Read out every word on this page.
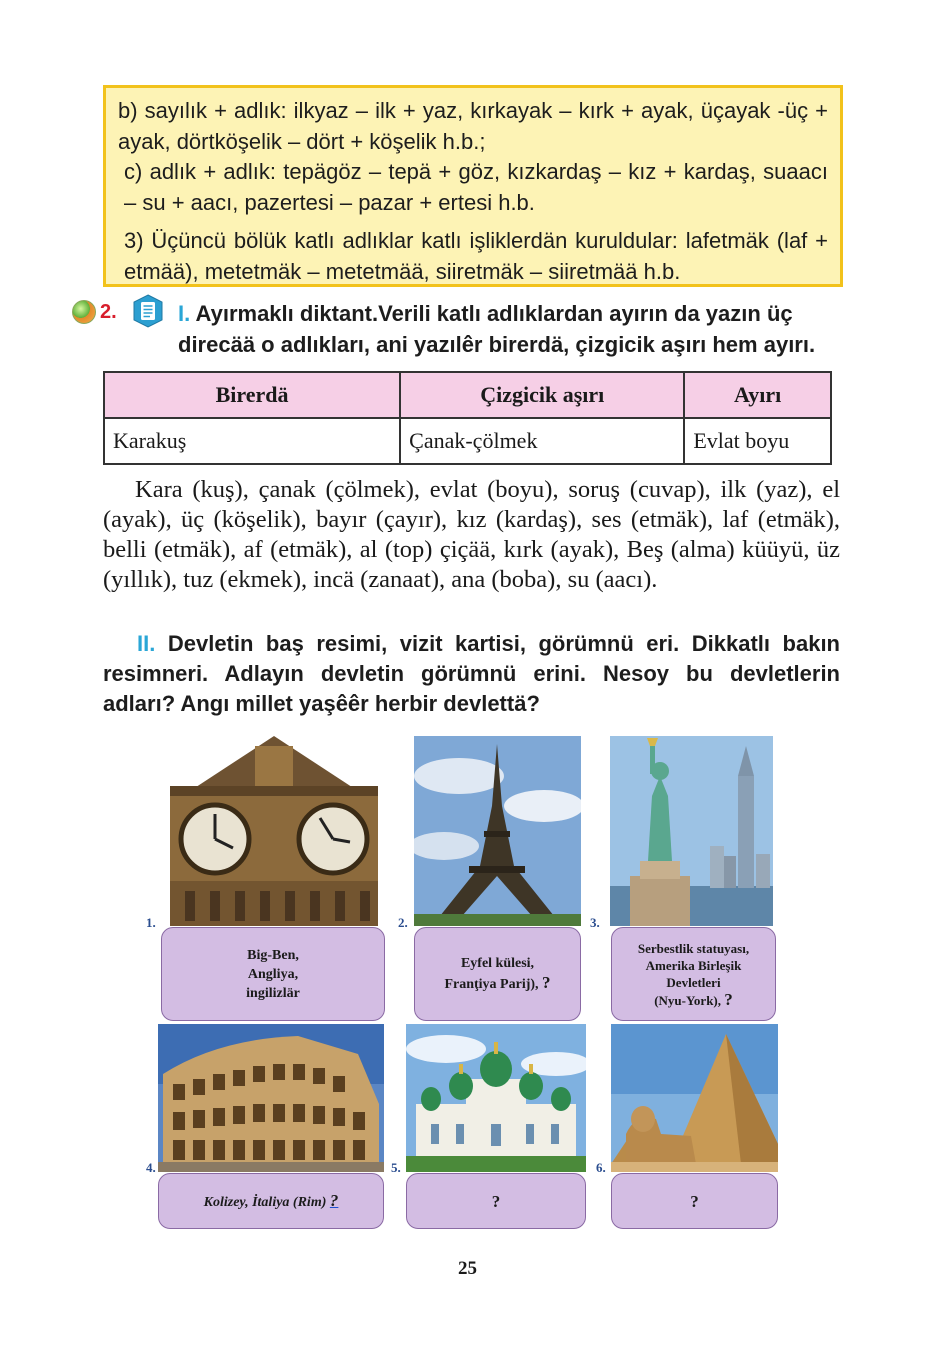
b) sayılık + adlık: ilkyaz – ilk + yaz, kırkayak – kırk + ayak, üçayak -üç + ayak, dörtköşelik – dört + köşelik h.b.;

c) adlık + adlık: tepägöz – tepä + göz, kızkardaş – kız + kardaş, suaacı – su + aacı, pazertesi – pazar + ertesi h.b.

3) Üçüncü bölük katlı adlıklar katlı işliklerdän kuruldular: lafetmäk (laf + etmää), metetmäk – metetmää, siiretmäk – siiretmää h.b.

2.	I. Ayırmaklı diktant.Verili katlı adlıklardan ayırın da yazın üç direcää o adlıkları, ani yazılêr birerdä, çizgicik aşırı hem ayırı.
Birerdä	Çizgicik aşırı	Ayırı
Karakuş	Çanak-çölmek	Evlat boyu

Kara (kuş), çanak (çölmek), evlat (boyu), soruş (cuvap), ilk (yaz), el (ayak), üç (köşelik), bayır (çayır), kız (kardaş), ses (etmäk), laf (etmäk), belli (etmäk), af (etmäk), al (top) çiçää, kırk (ayak), Beş (alma) küüyü, üz (yıllık), tuz (ekmek), incä (zanaat), ana (boba), su (aacı).

II. Devletin baş resimi, vizit kartisi, görümnü eri. Dikkatlı bakın resimneri. Adlayın devletin görümnü erini. Nesoy bu devletlerin adları? Angı millet yaşêêr herbir devlettä?

1.
Big-Ben,
Angliya,
ingilizlär
2.
Eyfel külesi,
Franţiya Parij), ?
3.
Serbestlik statuyası,
Amerika Birleşik
Devletleri
(Nyu-York), ?
4.
Kolizey, İtaliya (Rim) ?
5.
?
6.
?
25
